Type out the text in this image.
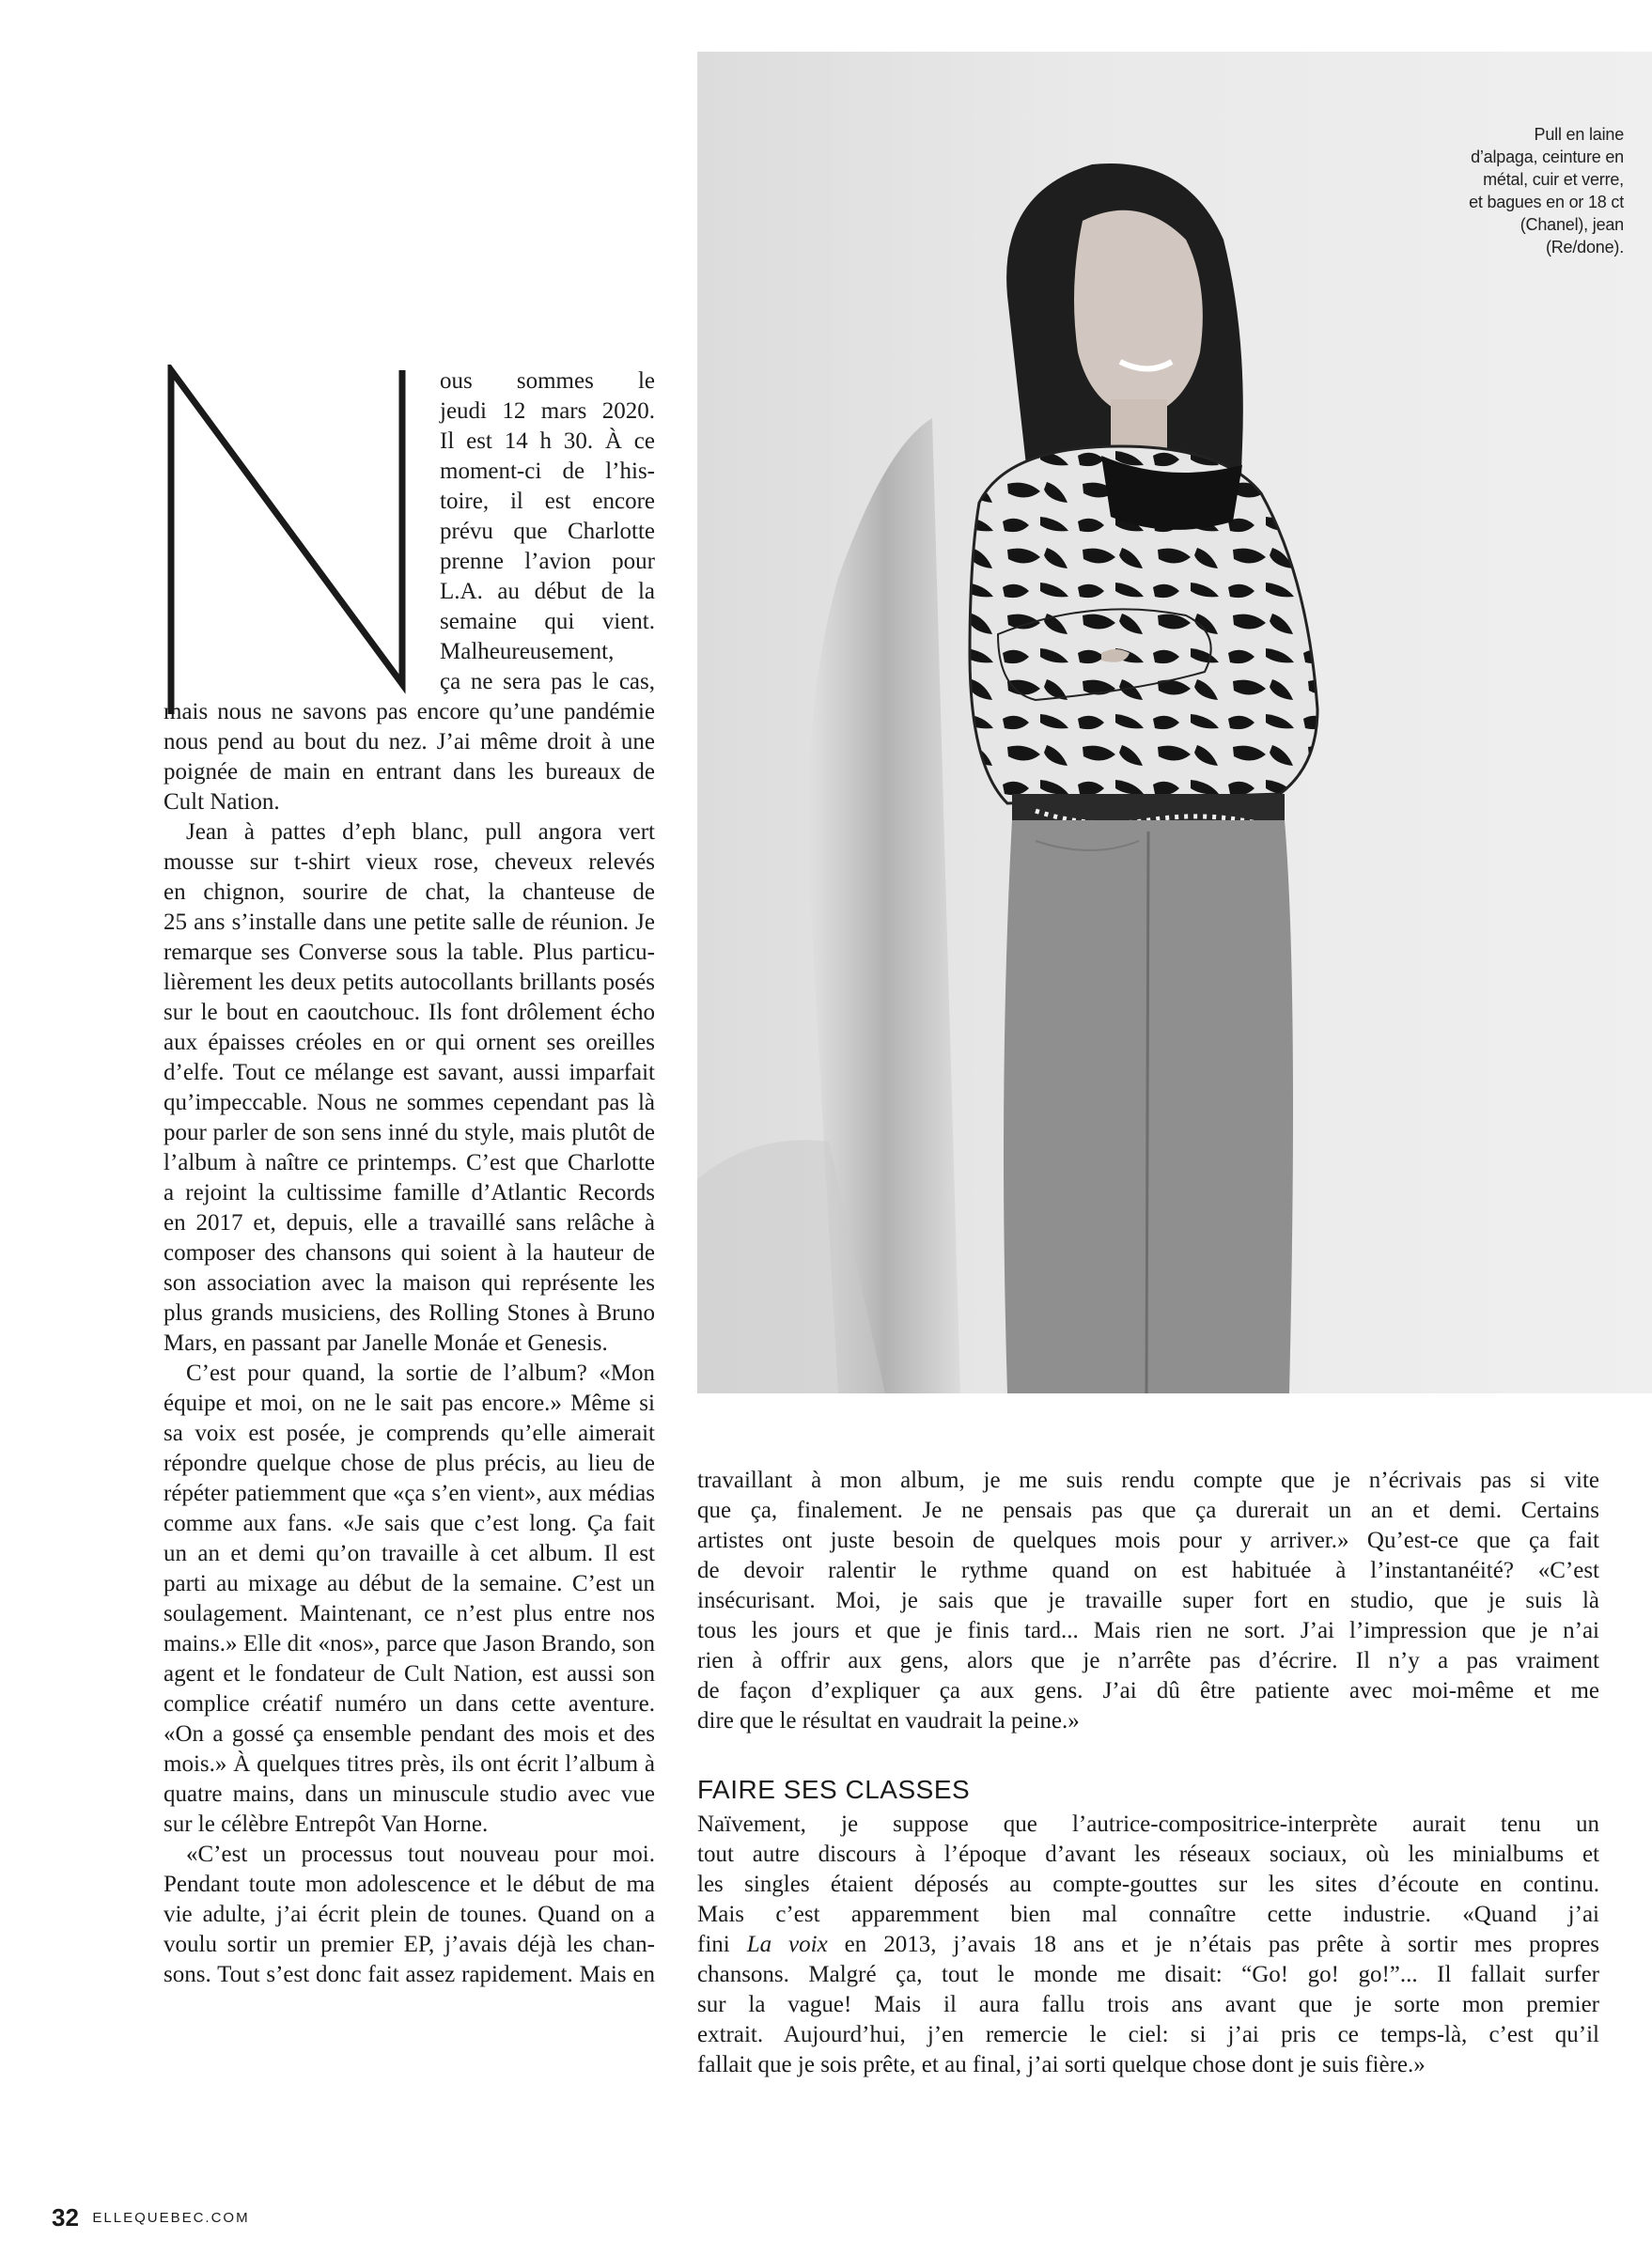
Pull en laine
d’alpaga, ceinture en
métal, cuir et verre,
et bagues en or 18 ct
(Chanel), jean
(Re/done).

ous sommes le
jeudi 12 mars 2020.
Il est 14 h 30. À ce
moment-ci de l’his-
toire, il est encore
prévu que Charlotte
prenne l’avion pour
L.A. au début de la
semaine qui vient.
Malheureusement,
ça ne sera pas le cas,

mais nous ne savons pas encore qu’une pandémie
nous pend au bout du nez. J’ai même droit à une
poignée de main en entrant dans les bureaux de
Cult Nation.

Jean à pattes d’eph blanc, pull angora vert
mousse sur t-shirt vieux rose, cheveux relevés
en chignon, sourire de chat, la chanteuse de
25 ans s’installe dans une petite salle de réunion. Je
remarque ses Converse sous la table. Plus particu-
lièrement les deux petits autocollants brillants posés
sur le bout en caoutchouc. Ils font drôlement écho
aux épaisses créoles en or qui ornent ses oreilles
d’elfe. Tout ce mélange est savant, aussi imparfait
qu’impeccable. Nous ne sommes cependant pas là
pour parler de son sens inné du style, mais plutôt de
l’album à naître ce printemps. C’est que Charlotte
a rejoint la cultissime famille d’Atlantic Records
en 2017 et, depuis, elle a travaillé sans relâche à
composer des chansons qui soient à la hauteur de
son association avec la maison qui représente les
plus grands musiciens, des Rolling Stones à Bruno
Mars, en passant par Janelle Monáe et Genesis.

C’est pour quand, la sortie de l’album? «Mon
équipe et moi, on ne le sait pas encore.» Même si
sa voix est posée, je comprends qu’elle aimerait
répondre quelque chose de plus précis, au lieu de
répéter patiemment que «ça s’en vient», aux médias
comme aux fans. «Je sais que c’est long. Ça fait
un an et demi qu’on travaille à cet album. Il est
parti au mixage au début de la semaine. C’est un
soulagement. Maintenant, ce n’est plus entre nos
mains.» Elle dit «nos», parce que Jason Brando, son
agent et le fondateur de Cult Nation, est aussi son
complice créatif numéro un dans cette aventure.
«On a gossé ça ensemble pendant des mois et des
mois.» À quelques titres près, ils ont écrit l’album à
quatre mains, dans un minuscule studio avec vue
sur le célèbre Entrepôt Van Horne.

«C’est un processus tout nouveau pour moi.
Pendant toute mon adolescence et le début de ma
vie adulte, j’ai écrit plein de tounes. Quand on a
voulu sortir un premier EP, j’avais déjà les chan-
sons. Tout s’est donc fait assez rapidement. Mais en

travaillant à mon album, je me suis rendu compte que je n’écrivais pas si vite
que ça, finalement. Je ne pensais pas que ça durerait un an et demi. Certains
artistes ont juste besoin de quelques mois pour y arriver.» Qu’est-ce que ça fait
de devoir ralentir le rythme quand on est habituée à l’instantanéité? «C’est
insécurisant. Moi, je sais que je travaille super fort en studio, que je suis là
tous les jours et que je finis tard... Mais rien ne sort. J’ai l’impression que je n’ai
rien à offrir aux gens, alors que je n’arrête pas d’écrire. Il n’y a pas vraiment
de façon d’expliquer ça aux gens. J’ai dû être patiente avec moi-même et me
dire que le résultat en vaudrait la peine.»
FAIRE SES CLASSES
Naïvement, je suppose que l’autrice-compositrice-interprète aurait tenu un
tout autre discours à l’époque d’avant les réseaux sociaux, où les minialbums et
les singles étaient déposés au compte-gouttes sur les sites d’écoute en continu.
Mais c’est apparemment bien mal connaître cette industrie. «Quand j’ai
fini La voix en 2013, j’avais 18 ans et je n’étais pas prête à sortir mes propres
chansons. Malgré ça, tout le monde me disait: “Go! go! go!”... Il fallait surfer
sur la vague! Mais il aura fallu trois ans avant que je sorte mon premier
extrait. Aujourd’hui, j’en remercie le ciel: si j’ai pris ce temps-là, c’est qu’il
fallait que je sois prête, et au final, j’ai sorti quelque chose dont je suis fière.»
32 ELLEQUEBEC.COM
